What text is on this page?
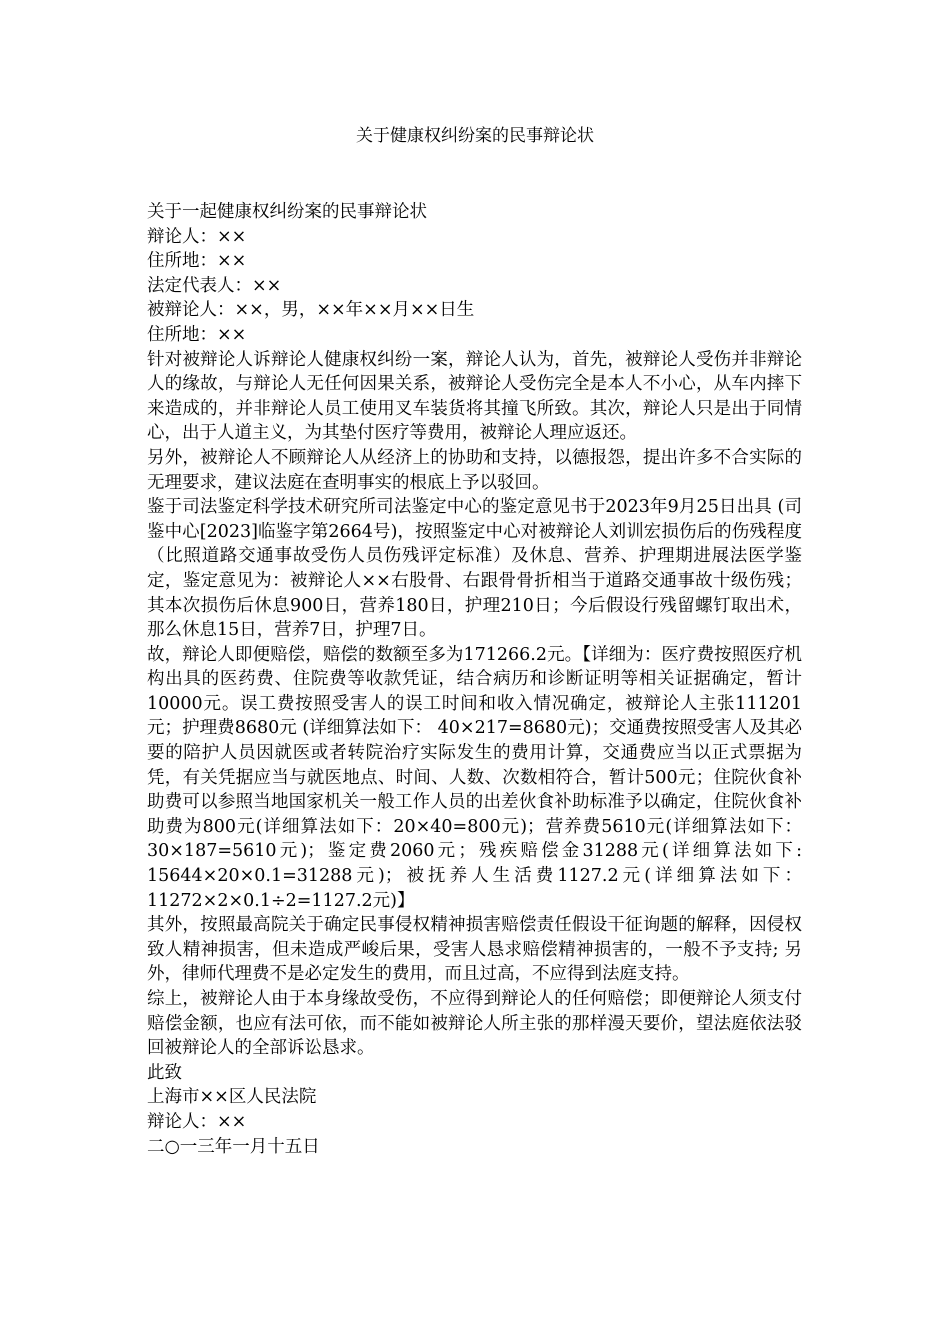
关于健康权纠纷案的民事辩论状

关于一起健康权纠纷案的民事辩论状

辩论人：××

住所地：××

法定代表人：××

被辩论人：××，男，××年××月××日生

住所地：××

针对被辩论人诉辩论人健康权纠纷一案，辩论人认为，首先，被辩论人受伤并非辩论人的缘故，与辩论人无任何因果关系，被辩论人受伤完全是本人不小心，从车内摔下来造成的，并非辩论人员工使用叉车装货将其撞飞所致。其次，辩论人只是出于同情心，出于人道主义，为其垫付医疗等费用，被辩论人理应返还。

另外，被辩论人不顾辩论人从经济上的协助和支持，以德报怨，提出许多不合实际的无理要求，建议法庭在查明事实的根底上予以驳回。

鉴于司法鉴定科学技术研究所司法鉴定中心的鉴定意见书于2023年9月25日出具 (司鉴中心[2023]临鉴字第2664号)，按照鉴定中心对被辩论人刘训宏损伤后的伤残程度（比照道路交通事故受伤人员伤残评定标准）及休息、营养、护理期进展法医学鉴定，鉴定意见为：被辩论人××右股骨、右跟骨骨折相当于道路交通事故十级伤残；其本次损伤后休息900日，营养180日，护理210日；今后假设行残留螺钉取出术，那么休息15日，营养7日，护理7日。

故，辩论人即便赔偿，赔偿的数额至多为171266.2元。【详细为：医疗费按照医疗机构出具的医药费、住院费等收款凭证，结合病历和诊断证明等相关证据确定，暂计10000元。误工费按照受害人的误工时间和收入情况确定，被辩论人主张111201元；护理费8680元 (详细算法如下： 40×217=8680元)；交通费按照受害人及其必要的陪护人员因就医或者转院治疗实际发生的费用计算，交通费应当以正式票据为凭，有关凭据应当与就医地点、时间、人数、次数相符合，暂计500元；住院伙食补助费可以参照当地国家机关一般工作人员的出差伙食补助标准予以确定，住院伙食补助费为800元(详细算法如下：20×40=800元)；营养费5610元(详细算法如下：30×187=5610元)；鉴定费2060元；残疾赔偿金31288元(详细算法如下: 15644×20×0.1=31288元)；被抚养人生活费1127.2元(详细算法如下：11272×2×0.1÷2=1127.2元)】

其外，按照最高院关于确定民事侵权精神损害赔偿责任假设干征询题的解释，因侵权致人精神损害，但未造成严峻后果，受害人恳求赔偿精神损害的，一般不予支持; 另外，律师代理费不是必定发生的费用，而且过高，不应得到法庭支持。

综上，被辩论人由于本身缘故受伤，不应得到辩论人的任何赔偿；即便辩论人须支付赔偿金额，也应有法可依，而不能如被辩论人所主张的那样漫天要价，望法庭依法驳回被辩论人的全部诉讼恳求。

此致

上海市××区人民法院

辩论人：××

二○一三年一月十五日
